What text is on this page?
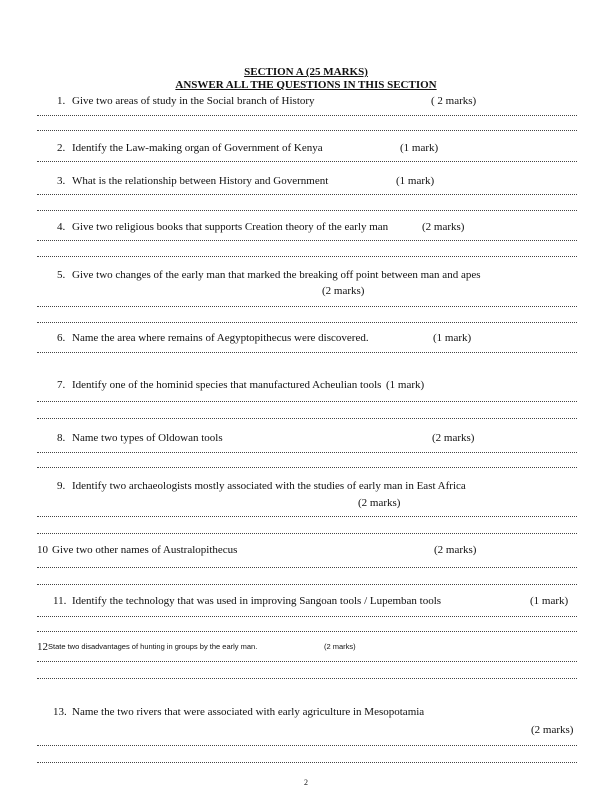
SECTION A (25 MARKS)
ANSWER ALL THE QUESTIONS IN THIS SECTION
1. Give two areas of study in the Social branch of History	( 2 marks)
2. Identify the Law-making organ of Government of Kenya	(1 mark)
3. What is the relationship between History and Government	(1 mark)
4. Give two religious books that supports Creation theory of the early man	(2 marks)
5. Give two changes of the early man that marked the breaking off point between man and apes
(2 marks)
6. Name the area where remains of Aegyptopithecus were discovered.	(1 mark)
7. Identify one of the hominid species that manufactured Acheulian tools (1 mark)
8. Name two types of Oldowan tools	(2 marks)
9. Identify two archaeologists mostly associated with the studies of early man in East Africa
(2 marks)
10 Give two other names of Australopithecus	(2 marks)
11. Identify the technology that was used in improving Sangoan tools / Lupemban tools	(1 mark)
12 State two disadvantages of hunting in groups by the early man.	(2 marks)
13. Name the two rivers that were associated with early agriculture in Mesopotamia
(2 marks)
2
